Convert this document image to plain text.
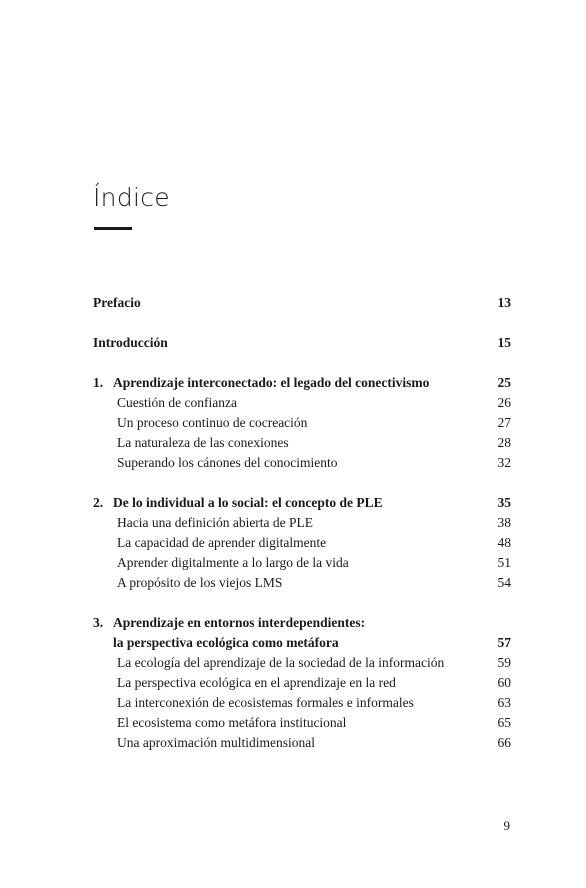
Índice
Prefacio	13
Introducción	15
1. Aprendizaje interconectado: el legado del conectivismo	25
Cuestión de confianza	26
Un proceso continuo de cocreación	27
La naturaleza de las conexiones	28
Superando los cánones del conocimiento	32
2. De lo individual a lo social: el concepto de PLE	35
Hacia una definición abierta de PLE	38
La capacidad de aprender digitalmente	48
Aprender digitalmente a lo largo de la vida	51
A propósito de los viejos LMS	54
3. Aprendizaje en entornos interdependientes:
la perspectiva ecológica como metáfora	57
La ecología del aprendizaje de la sociedad de la información	59
La perspectiva ecológica en el aprendizaje en la red	60
La interconexión de ecosistemas formales e informales	63
El ecosistema como metáfora institucional	65
Una aproximación multidimensional	66
9
